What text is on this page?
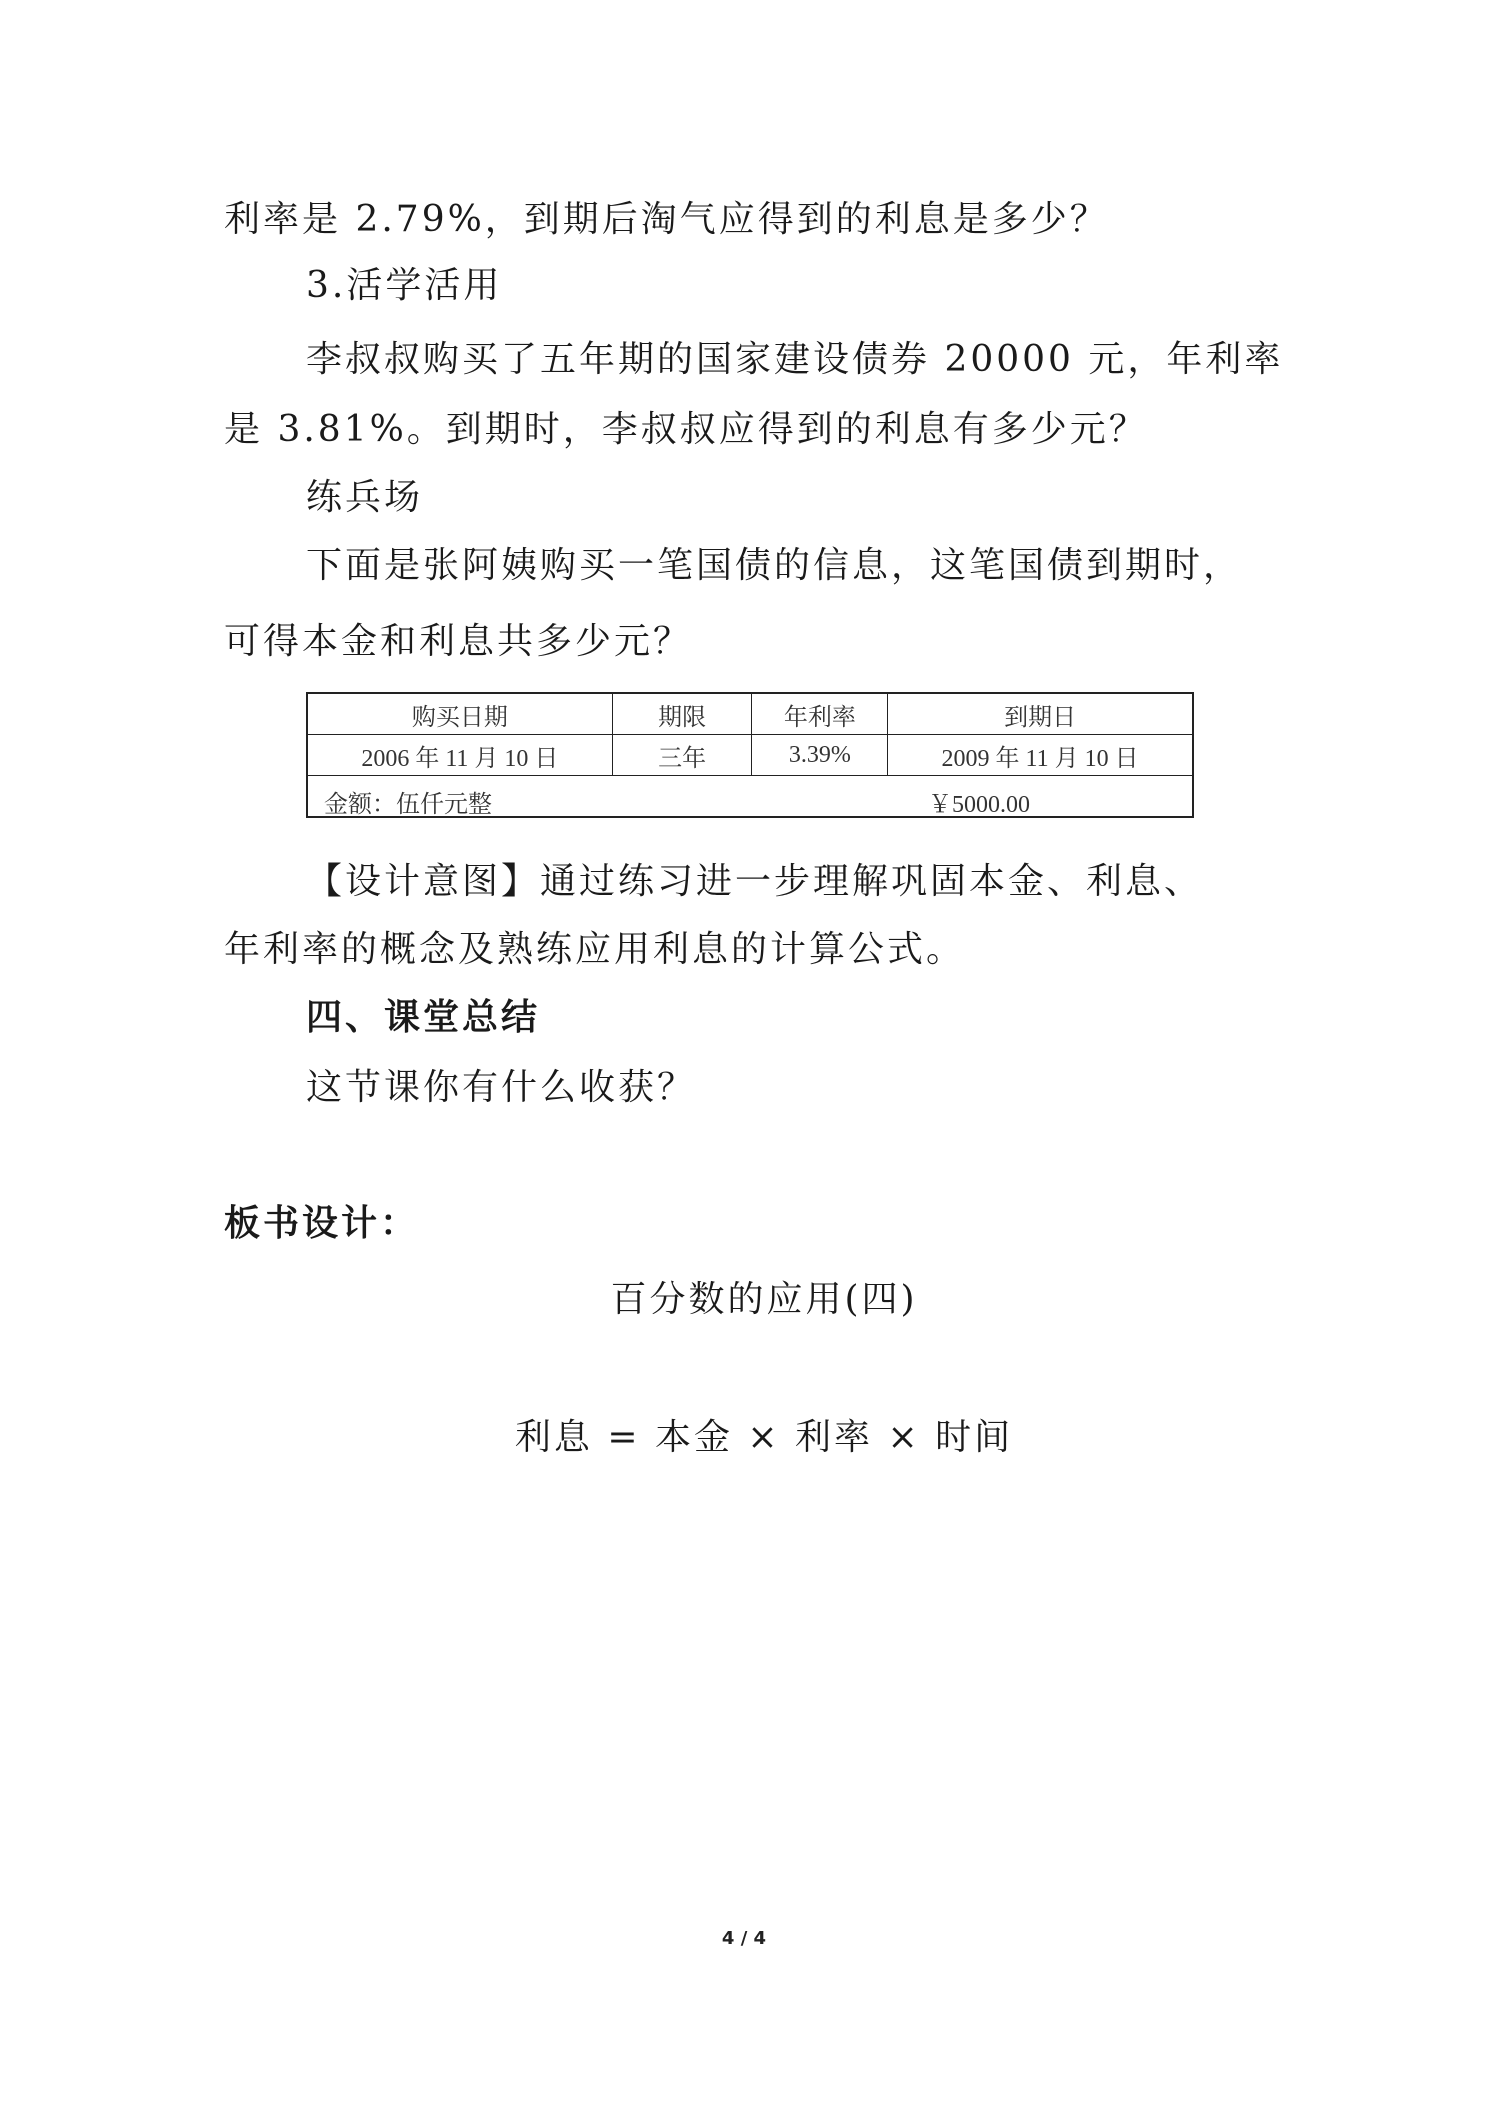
利率是 2.79%，到期后淘气应得到的利息是多少？
3.活学活用
李叔叔购买了五年期的国家建设债券 20000 元，年利率
是 3.81%。到期时，李叔叔应得到的利息有多少元？
练兵场
下面是张阿姨购买一笔国债的信息，这笔国债到期时，
可得本金和利息共多少元？
购买日期	期限	年利率	到期日
2006 年 11 月 10 日	三年	3.39%	2009 年 11 月 10 日

金额：伍仟元整 ￥5000.00			
【设计意图】通过练习进一步理解巩固本金、利息、
年利率的概念及熟练应用利息的计算公式。
四、课堂总结
这节课你有什么收获？
板书设计：
百分数的应用(四)
利息 = 本金 × 利率 × 时间
4 / 4
